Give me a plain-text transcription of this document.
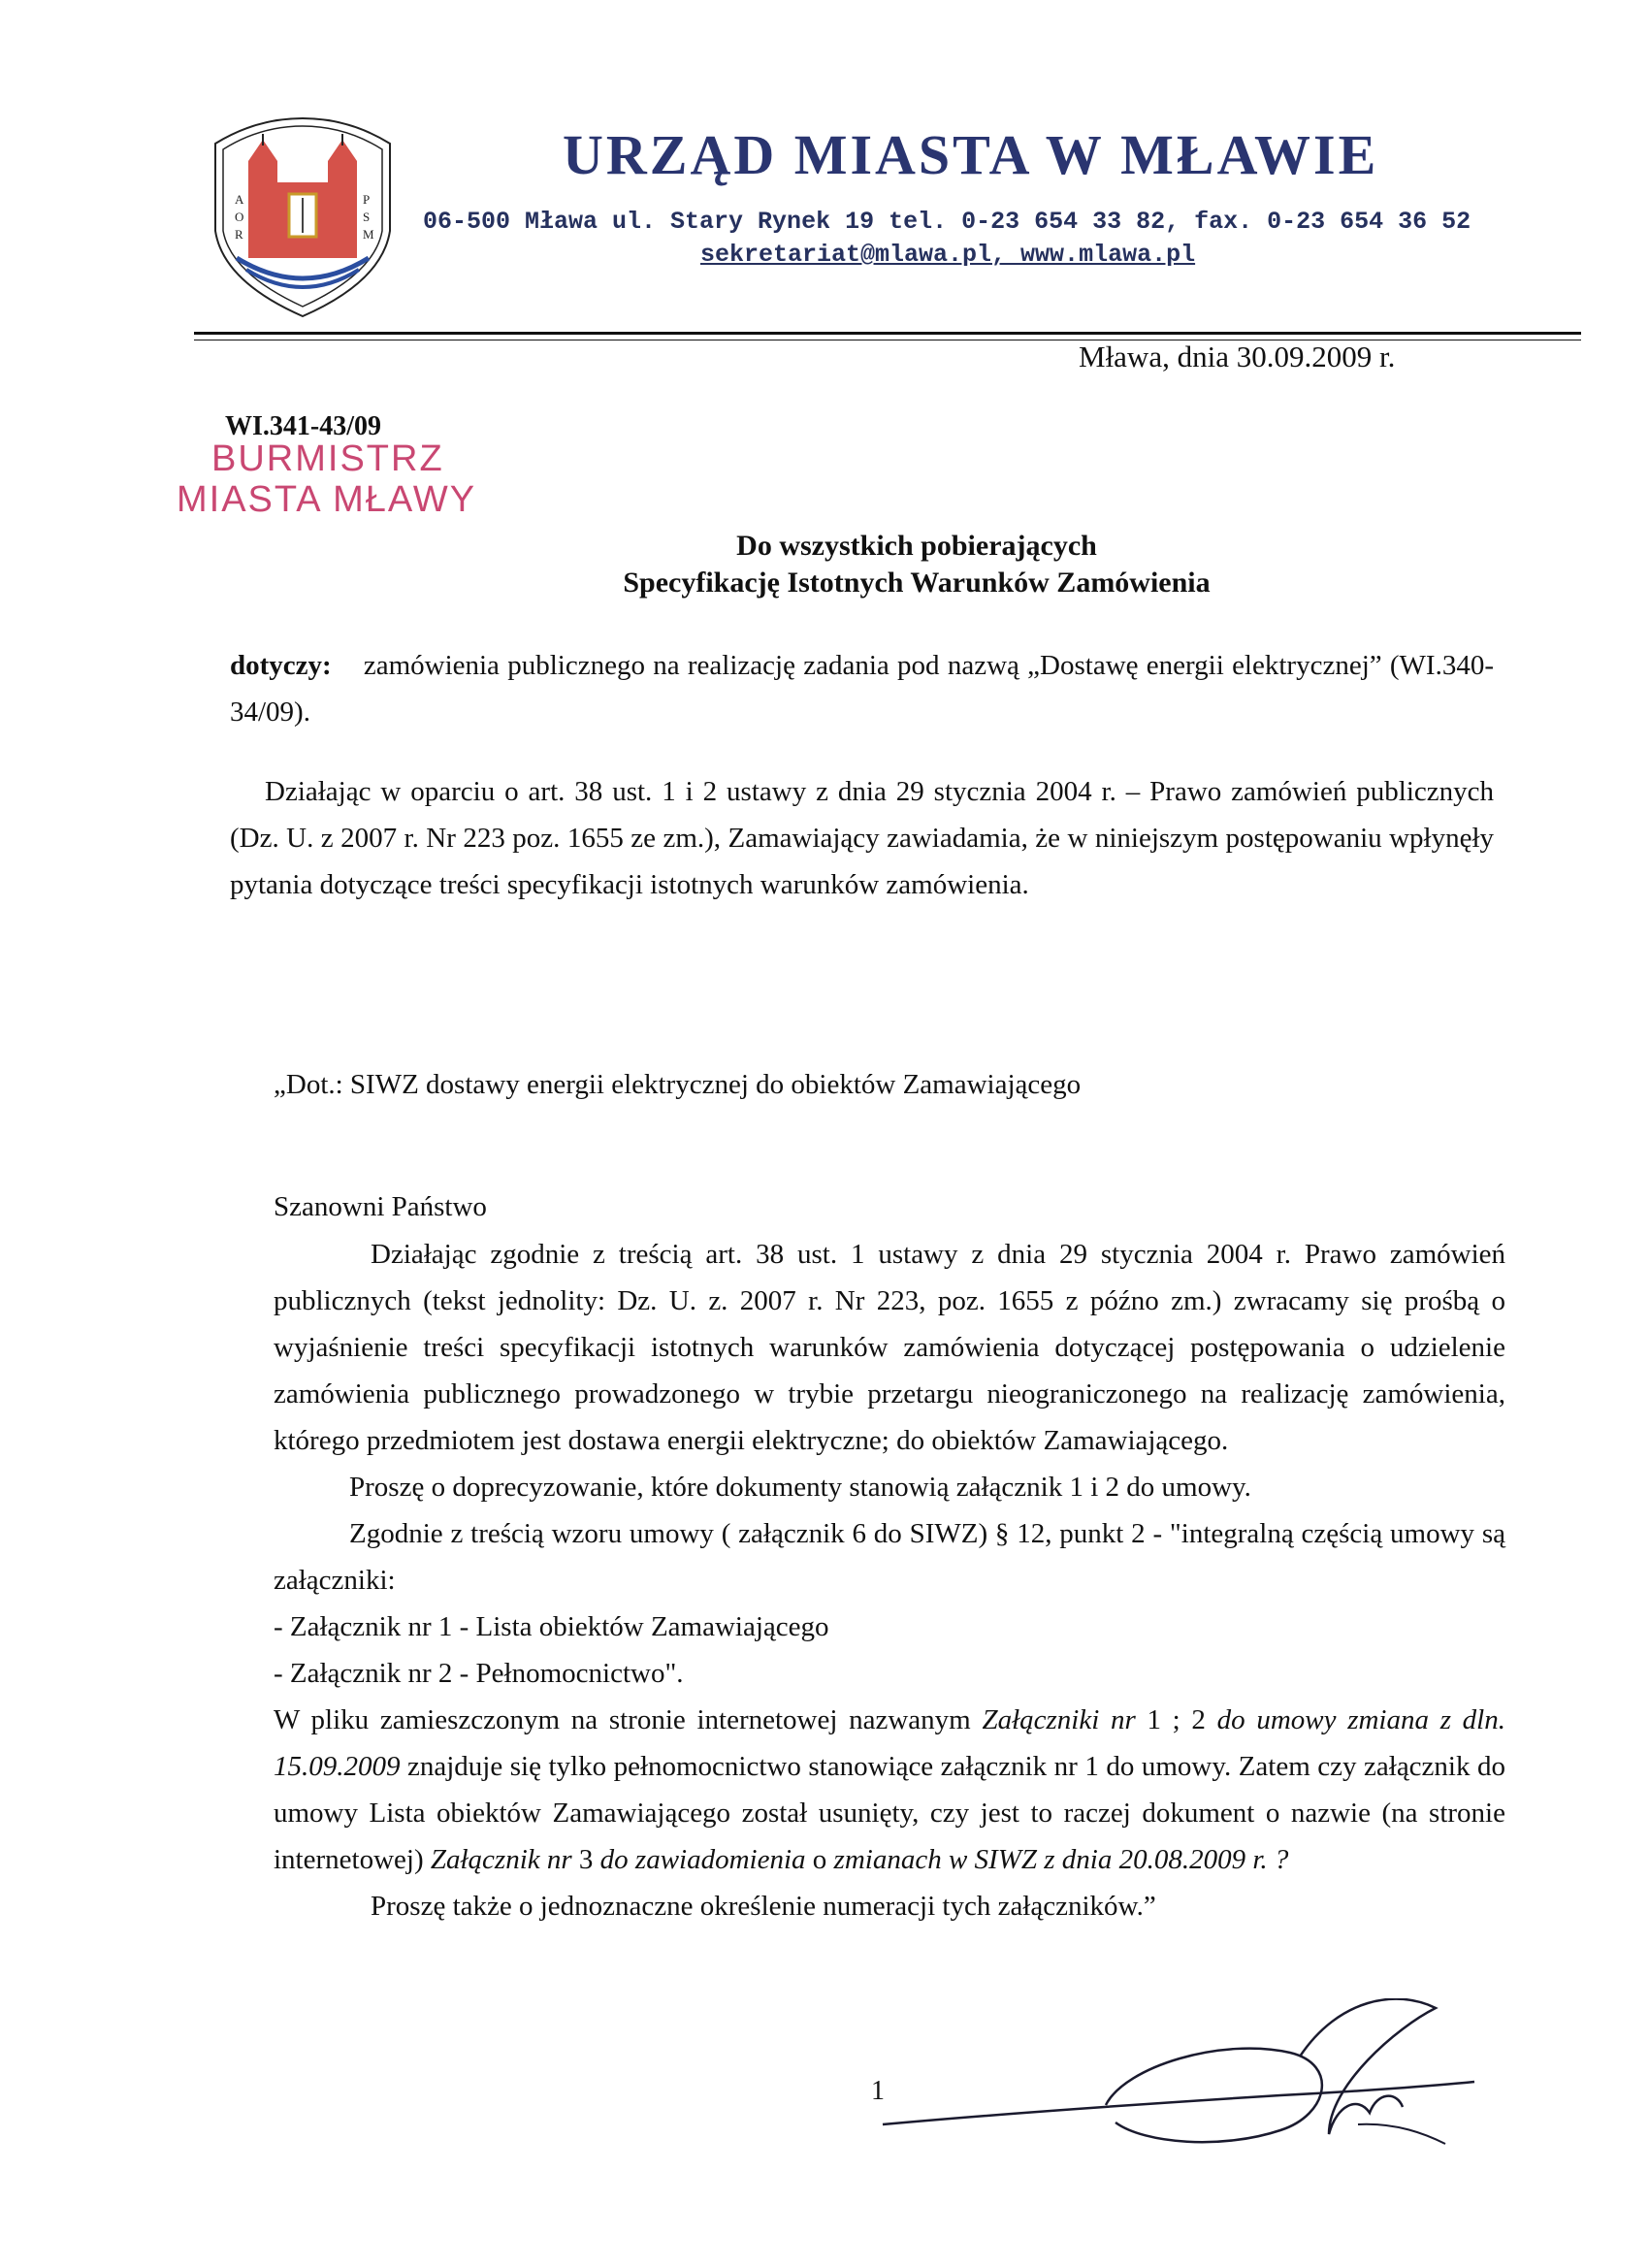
A
O
R
P
S
M
URZĄD MIASTA W MŁAWIE
06-500 Mława ul. Stary Rynek 19 tel. 0-23 654 33 82, fax. 0-23 654 36 52
sekretariat@mlawa.pl, www.mlawa.pl
Mława, dnia 30.09.2009 r.
WI.341-43/09
BURMISTRZ
MIASTA MŁAWY
Do wszystkich pobierających
Specyfikację Istotnych Warunków Zamówienia
dotyczy: zamówienia publicznego na realizację zadania pod nazwą „Dostawę energii elektrycznej” (WI.340-34/09).
Działając w oparciu o art. 38 ust. 1 i 2 ustawy z dnia 29 stycznia 2004 r. – Prawo zamówień publicznych (Dz. U. z 2007 r. Nr 223 poz. 1655 ze zm.), Zamawiający zawiadamia, że w niniejszym postępowaniu wpłynęły pytania dotyczące treści specyfikacji istotnych warunków zamówienia.
„Dot.: SIWZ dostawy energii elektrycznej do obiektów Zamawiającego
Szanowni Państwo

Działając zgodnie z treścią art. 38 ust. 1 ustawy z dnia 29 stycznia 2004 r. Prawo zamówień publicznych (tekst jednolity: Dz. U. z. 2007 r. Nr 223, poz. 1655 z późno zm.) zwracamy się prośbą o wyjaśnienie treści specyfikacji istotnych warunków zamówienia dotyczącej postępowania o udzielenie zamówienia publicznego prowadzonego w trybie przetargu nieograniczonego na realizację zamówienia, którego przedmiotem jest dostawa energii elektryczne; do obiektów Zamawiającego.

Proszę o doprecyzowanie, które dokumenty stanowią załącznik 1 i 2 do umowy.

Zgodnie z treścią wzoru umowy ( załącznik 6 do SIWZ) § 12, punkt 2 - "integralną częścią umowy są załączniki:

- Załącznik nr 1 - Lista obiektów Zamawiającego

- Załącznik nr 2 - Pełnomocnictwo".

W pliku zamieszczonym na stronie internetowej nazwanym Załączniki nr 1 ; 2 do umowy zmiana z dln. 15.09.2009 znajduje się tylko pełnomocnictwo stanowiące załącznik nr 1 do umowy. Zatem czy załącznik do umowy Lista obiektów Zamawiającego został usunięty, czy jest to raczej dokument o nazwie (na stronie internetowej) Załącznik nr 3 do zawiadomienia o zmianach w SIWZ z dnia 20.08.2009 r. ?

Proszę także o jednoznaczne określenie numeracji tych załączników.”

1
